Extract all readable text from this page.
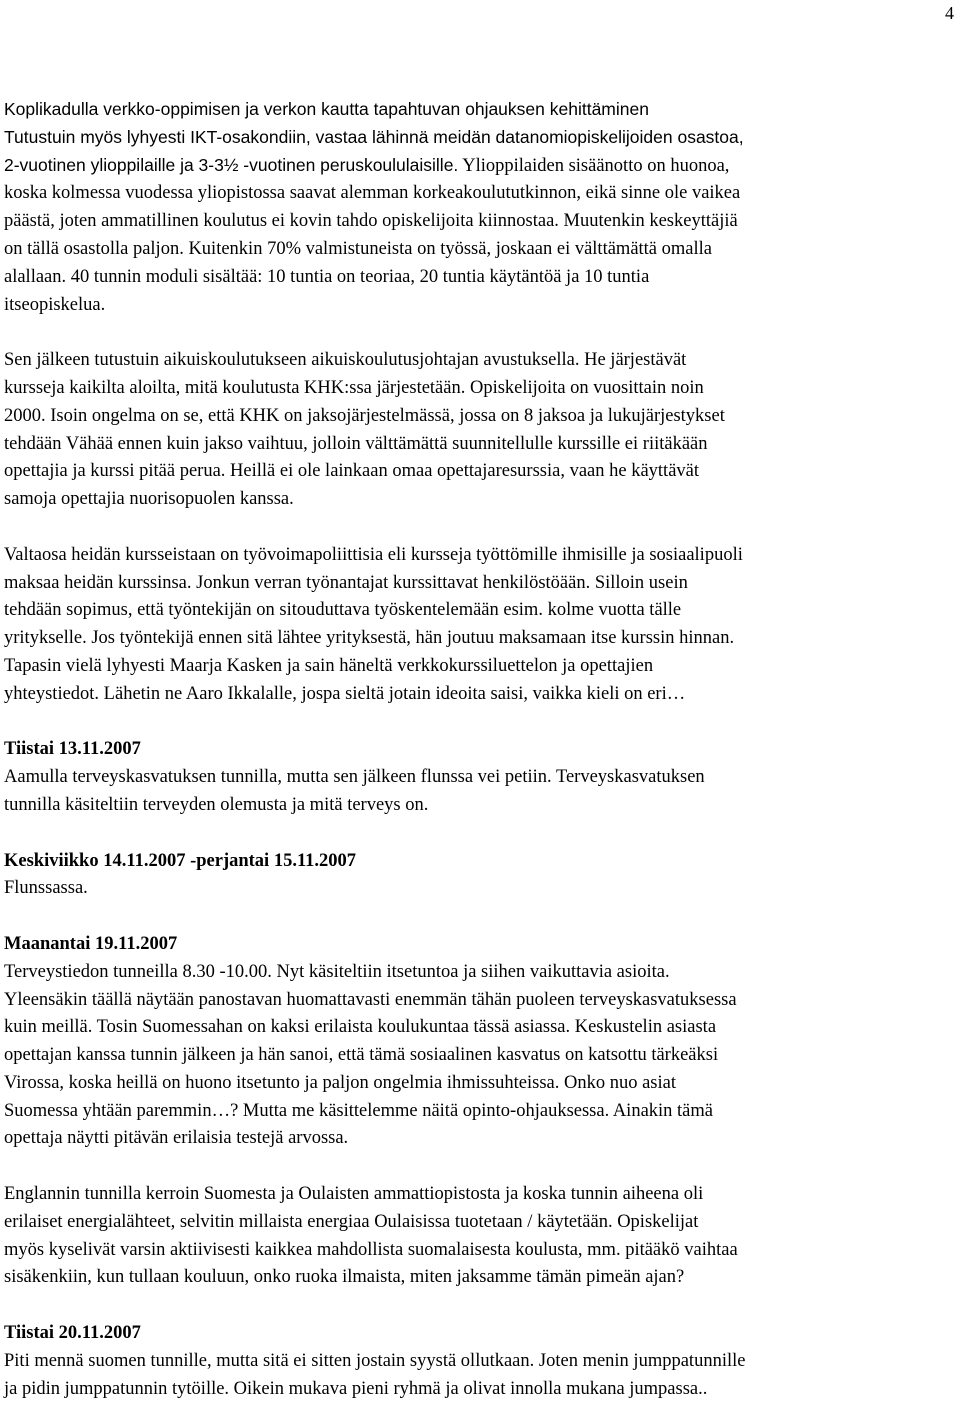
4

Koplikadulla verkko-oppimisen ja verkon kautta tapahtuvan ohjauksen kehittäminen

Tutustuin myös lyhyesti IKT-osakondiin, vastaa lähinnä meidän datanomiopiskelijoiden osastoa,

2-vuotinen ylioppilaille ja 3-3½ -vuotinen peruskoululaisille. Ylioppilaiden sisäänotto on huonoa,

koska kolmessa vuodessa yliopistossa saavat alemman korkeakoulututkinnon, eikä sinne ole vaikea

päästä, joten ammatillinen koulutus ei kovin tahdo opiskelijoita kiinnostaa. Muutenkin keskeyttäjiä

on tällä osastolla paljon. Kuitenkin 70% valmistuneista on työssä, joskaan ei välttämättä omalla

alallaan. 40 tunnin moduli sisältää: 10 tuntia on teoriaa, 20 tuntia käytäntöä ja 10 tuntia

itseopiskelua.

Sen jälkeen tutustuin aikuiskoulutukseen aikuiskoulutusjohtajan avustuksella. He järjestävät

kursseja kaikilta aloilta, mitä koulutusta KHK:ssa järjestetään. Opiskelijoita on vuosittain noin

2000. Isoin ongelma on se, että KHK on jaksojärjestelmässä, jossa on 8 jaksoa ja lukujärjestykset

tehdään Vähää ennen kuin jakso vaihtuu, jolloin välttämättä suunnitellulle kurssille ei riitäkään

opettajia ja kurssi pitää perua. Heillä ei ole lainkaan omaa opettajaresurssia, vaan he käyttävät

samoja opettajia nuorisopuolen kanssa.

Valtaosa heidän kursseistaan on työvoimapoliittisia eli kursseja työttömille ihmisille ja sosiaalipuoli

maksaa heidän kurssinsa. Jonkun verran työnantajat kurssittavat henkilöstöään. Silloin usein

tehdään sopimus, että työntekijän on sitouduttava työskentelemään esim. kolme vuotta tälle

yritykselle. Jos työntekijä ennen sitä lähtee yrityksestä, hän joutuu maksamaan itse kurssin hinnan.

Tapasin vielä lyhyesti Maarja Kasken ja sain häneltä verkkokurssiluettelon ja opettajien

yhteystiedot. Lähetin ne Aaro Ikkalalle, jospa sieltä jotain ideoita saisi, vaikka kieli on eri…

Tiistai 13.11.2007

Aamulla terveyskasvatuksen tunnilla, mutta sen jälkeen flunssa vei petiin. Terveyskasvatuksen

tunnilla käsiteltiin terveyden olemusta ja mitä terveys on.

Keskiviikko 14.11.2007 -perjantai 15.11.2007

Flunssassa.

Maanantai 19.11.2007

Terveystiedon tunneilla 8.30 -10.00. Nyt käsiteltiin itsetuntoa ja siihen vaikuttavia asioita.

Yleensäkin täällä näytään panostavan huomattavasti enemmän tähän puoleen terveyskasvatuksessa

kuin meillä. Tosin Suomessahan on kaksi erilaista koulukuntaa tässä asiassa. Keskustelin asiasta

opettajan kanssa tunnin jälkeen ja hän sanoi, että tämä sosiaalinen kasvatus on katsottu tärkeäksi

Virossa, koska heillä on huono itsetunto ja paljon ongelmia ihmissuhteissa. Onko nuo asiat

Suomessa yhtään paremmin…? Mutta me käsittelemme näitä opinto-ohjauksessa. Ainakin tämä

opettaja näytti pitävän erilaisia testejä arvossa.

Englannin tunnilla kerroin Suomesta ja Oulaisten ammattiopistosta ja koska tunnin aiheena oli

erilaiset energialähteet, selvitin millaista energiaa Oulaisissa tuotetaan / käytetään. Opiskelijat

myös kyselivät varsin aktiivisesti kaikkea mahdollista suomalaisesta koulusta, mm. pitääkö vaihtaa

sisäkenkiin, kun tullaan kouluun, onko ruoka ilmaista, miten jaksamme tämän pimeän ajan?

Tiistai 20.11.2007

Piti mennä suomen tunnille, mutta sitä ei sitten jostain syystä ollutkaan. Joten menin jumppatunnille

ja pidin jumppatunnin tytöille. Oikein mukava pieni ryhmä ja olivat innolla mukana jumpassa..
